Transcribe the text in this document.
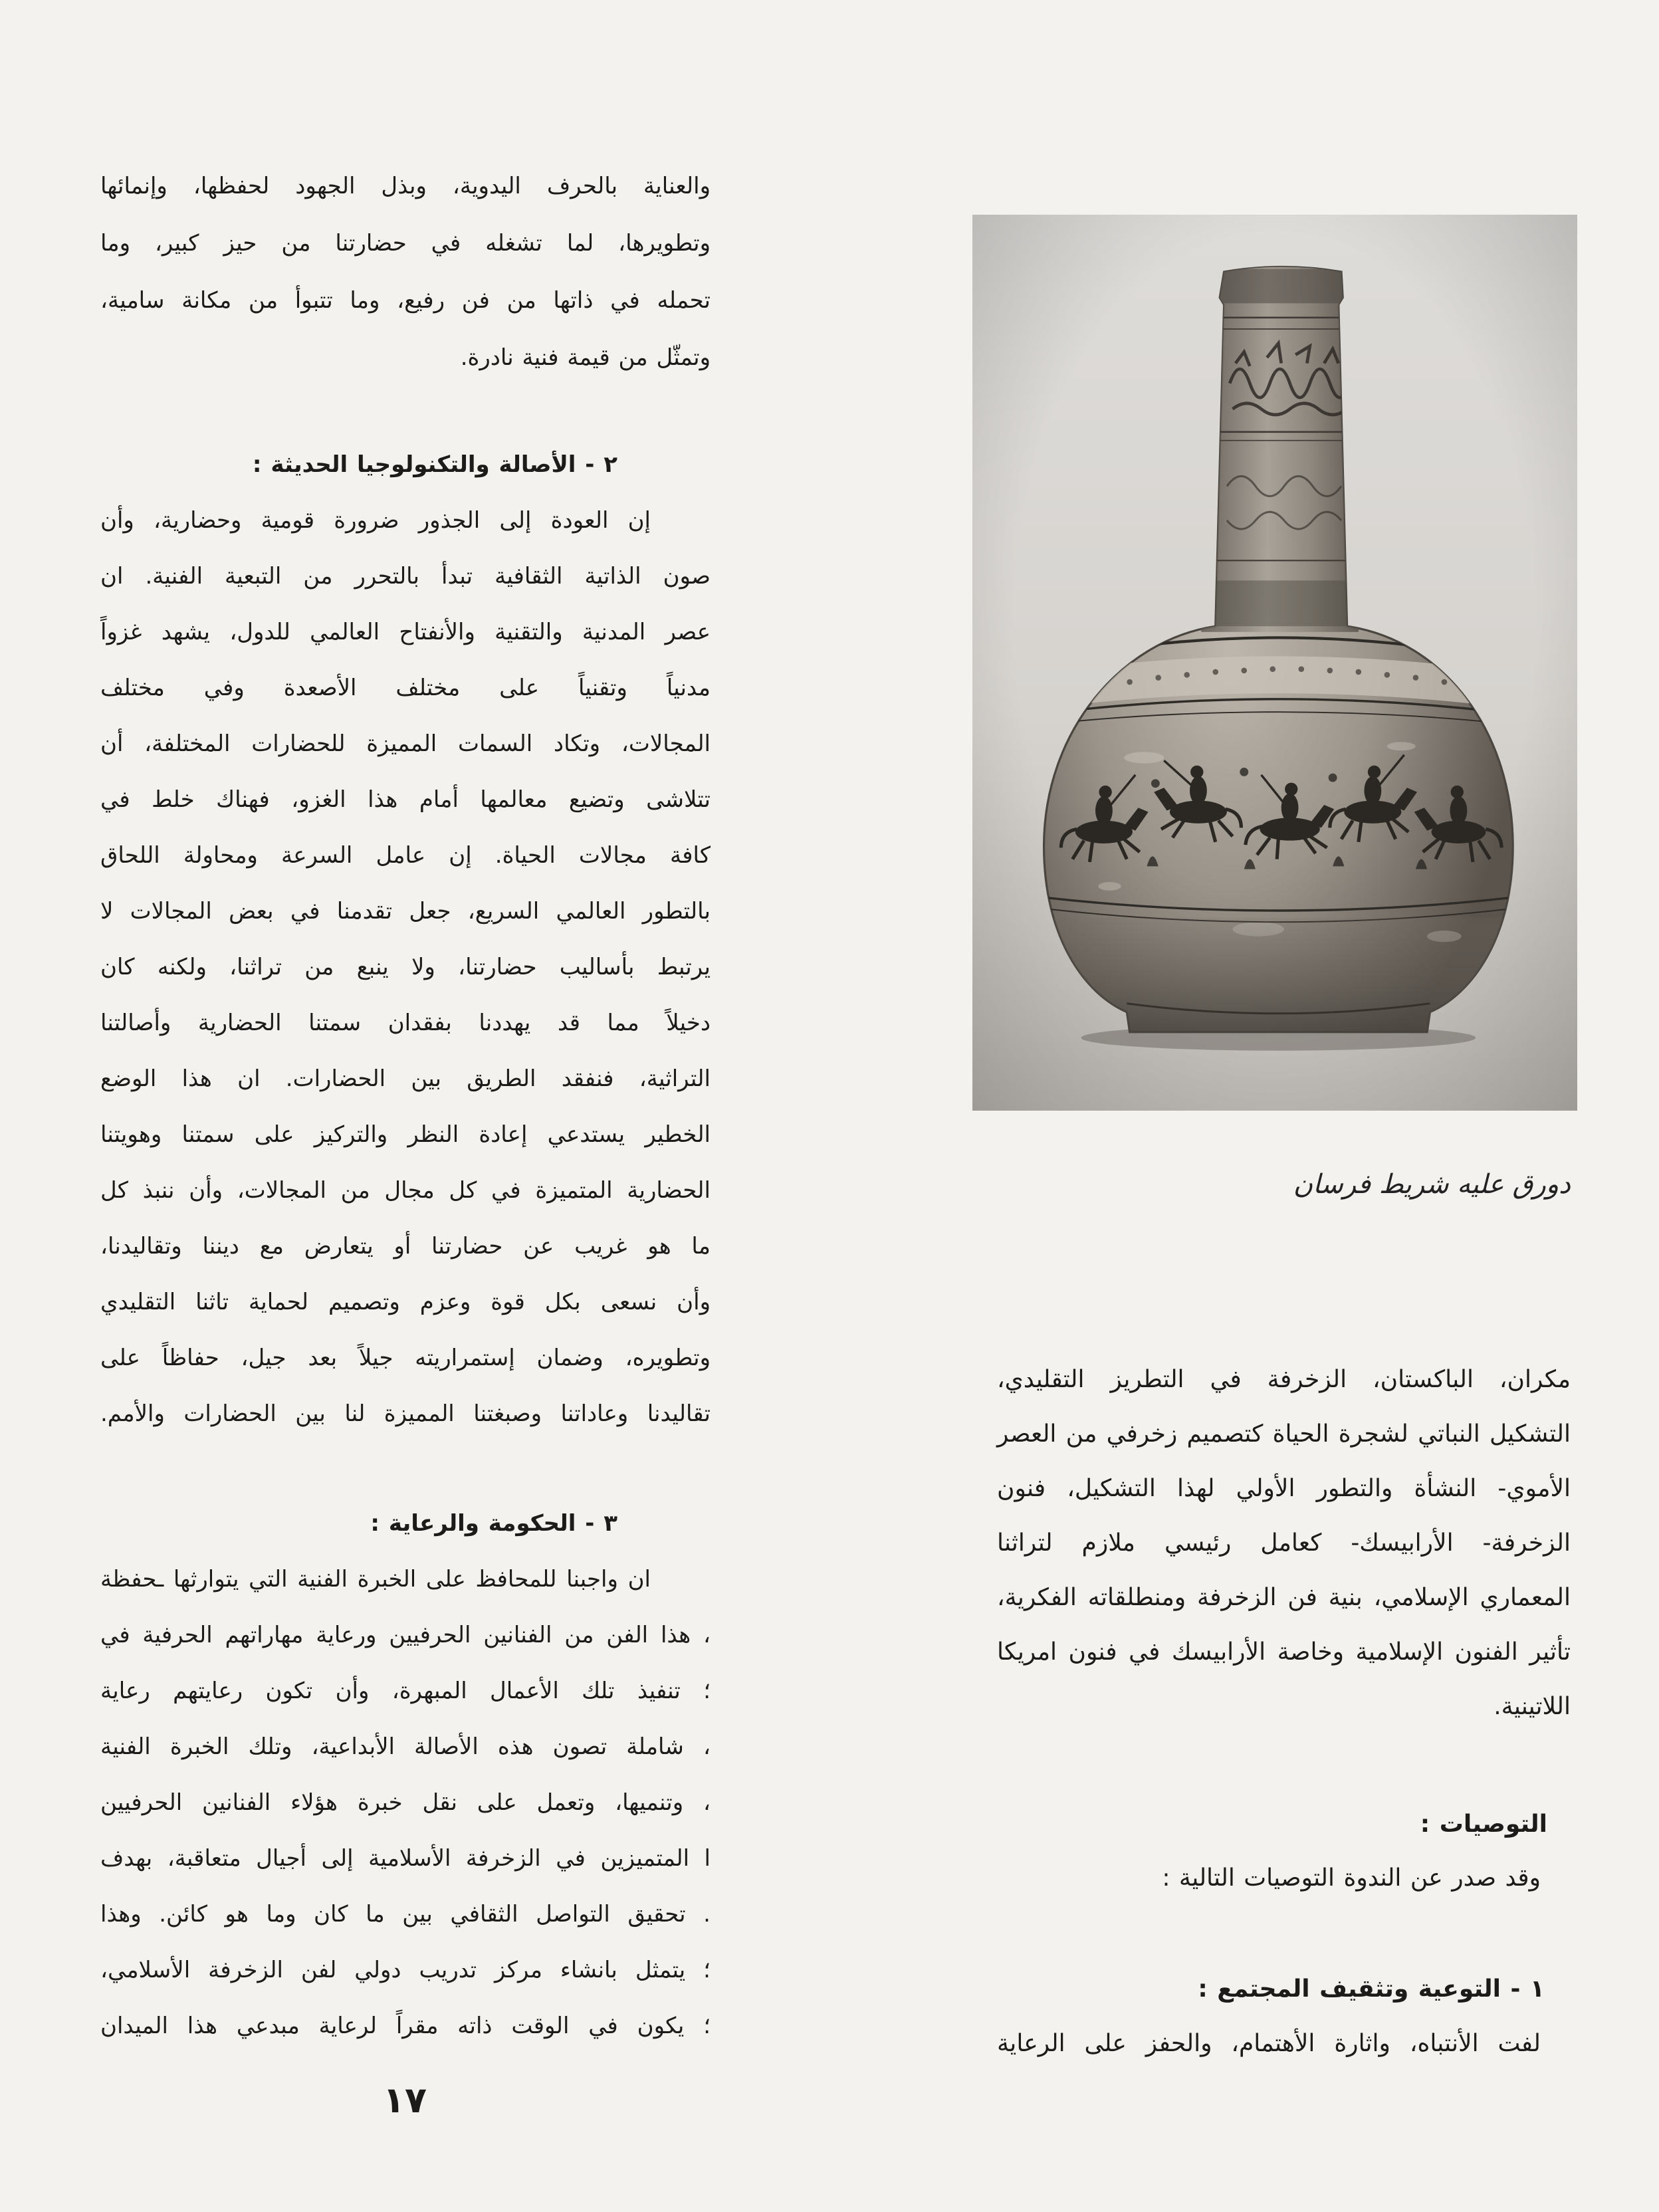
والعناية بالحرف اليدوية، وبذل الجهود لحفظها، وإنمائها
وتطويرها، لما تشغله في حضارتنا من حيز كبير، وما
تحمله في ذاتها من فن رفيع، وما تتبوأ من مكانة سامية،
وتمثّل من قيمة فنية نادرة.
٢ - الأصالة والتكنولوجيا الحديثة :
إن العودة إلى الجذور ضرورة قومية وحضارية، وأن
صون الذاتية الثقافية تبدأ بالتحرر من التبعية الفنية. ان
عصر المدنية والتقنية والأنفتاح العالمي للدول، يشهد غزواً
مدنياً وتقنياً على مختلف الأصعدة وفي مختلف
المجالات، وتكاد السمات المميزة للحضارات المختلفة، أن
تتلاشى وتضيع معالمها أمام هذا الغزو، فهناك خلط في
كافة مجالات الحياة. إن عامل السرعة ومحاولة اللحاق
بالتطور العالمي السريع، جعل تقدمنا في بعض المجالات لا
يرتبط بأساليب حضارتنا، ولا ينبع من تراثنا، ولكنه كان
دخيلاً مما قد يهددنا بفقدان سمتنا الحضارية وأصالتنا
التراثية، فنفقد الطريق بين الحضارات. ان هذا الوضع
الخطير يستدعي إعادة النظر والتركيز على سمتنا وهويتنا
الحضارية المتميزة في كل مجال من المجالات، وأن ننبذ كل
ما هو غريب عن حضارتنا أو يتعارض مع ديننا وتقاليدنا،
وأن نسعى بكل قوة وعزم وتصميم لحماية تاثنا التقليدي
وتطويره، وضمان إستمراريته جيلاً بعد جيل، حفاظاً على
تقاليدنا وعاداتنا وصبغتنا المميزة لنا بين الحضارات والأمم.
٣ - الحكومة والرعاية :
ان واجبنا للمحافظ على الخبرة الفنية التي يتوارثها ـحفظة
، هذا الفن من الفنانين الحرفيين ورعاية مهاراتهم الحرفية في
؛ تنفيذ تلك الأعمال المبهرة، وأن تكون رعايتهم رعاية
، شاملة تصون هذه الأصالة الأبداعية، وتلك الخبرة الفنية
، وتنميها، وتعمل على نقل خبرة هؤلاء الفنانين الحرفيين
ا المتميزين في الزخرفة الأسلامية إلى أجيال متعاقبة، بهدف
. تحقيق التواصل الثقافي بين ما كان وما هو كائن. وهذا
؛ يتمثل بانشاء مركز تدريب دولي لفن الزخرفة الأسلامي،
؛ يكون في الوقت ذاته مقراً لرعاية مبدعي هذا الميدان
١٧
دورق عليه شريط فرسان
مكران، الباكستان، الزخرفة في التطريز التقليدي،
التشكيل النباتي لشجرة الحياة كتصميم زخرفي من العصر
الأموي- النشأة والتطور الأولي لهذا التشكيل، فنون
الزخرفة- الأرابيسك- كعامل رئيسي ملازم لتراثنا
المعماري الإسلامي، بنية فن الزخرفة ومنطلقاته الفكرية،
تأثير الفنون الإسلامية وخاصة الأرابيسك في فنون امريكا
اللاتينية.
التوصيات :
وقد صدر عن الندوة التوصيات التالية :
١ - التوعية وتثقيف المجتمع :
لفت الأنتباه، واثارة الأهتمام، والحفز على الرعاية
